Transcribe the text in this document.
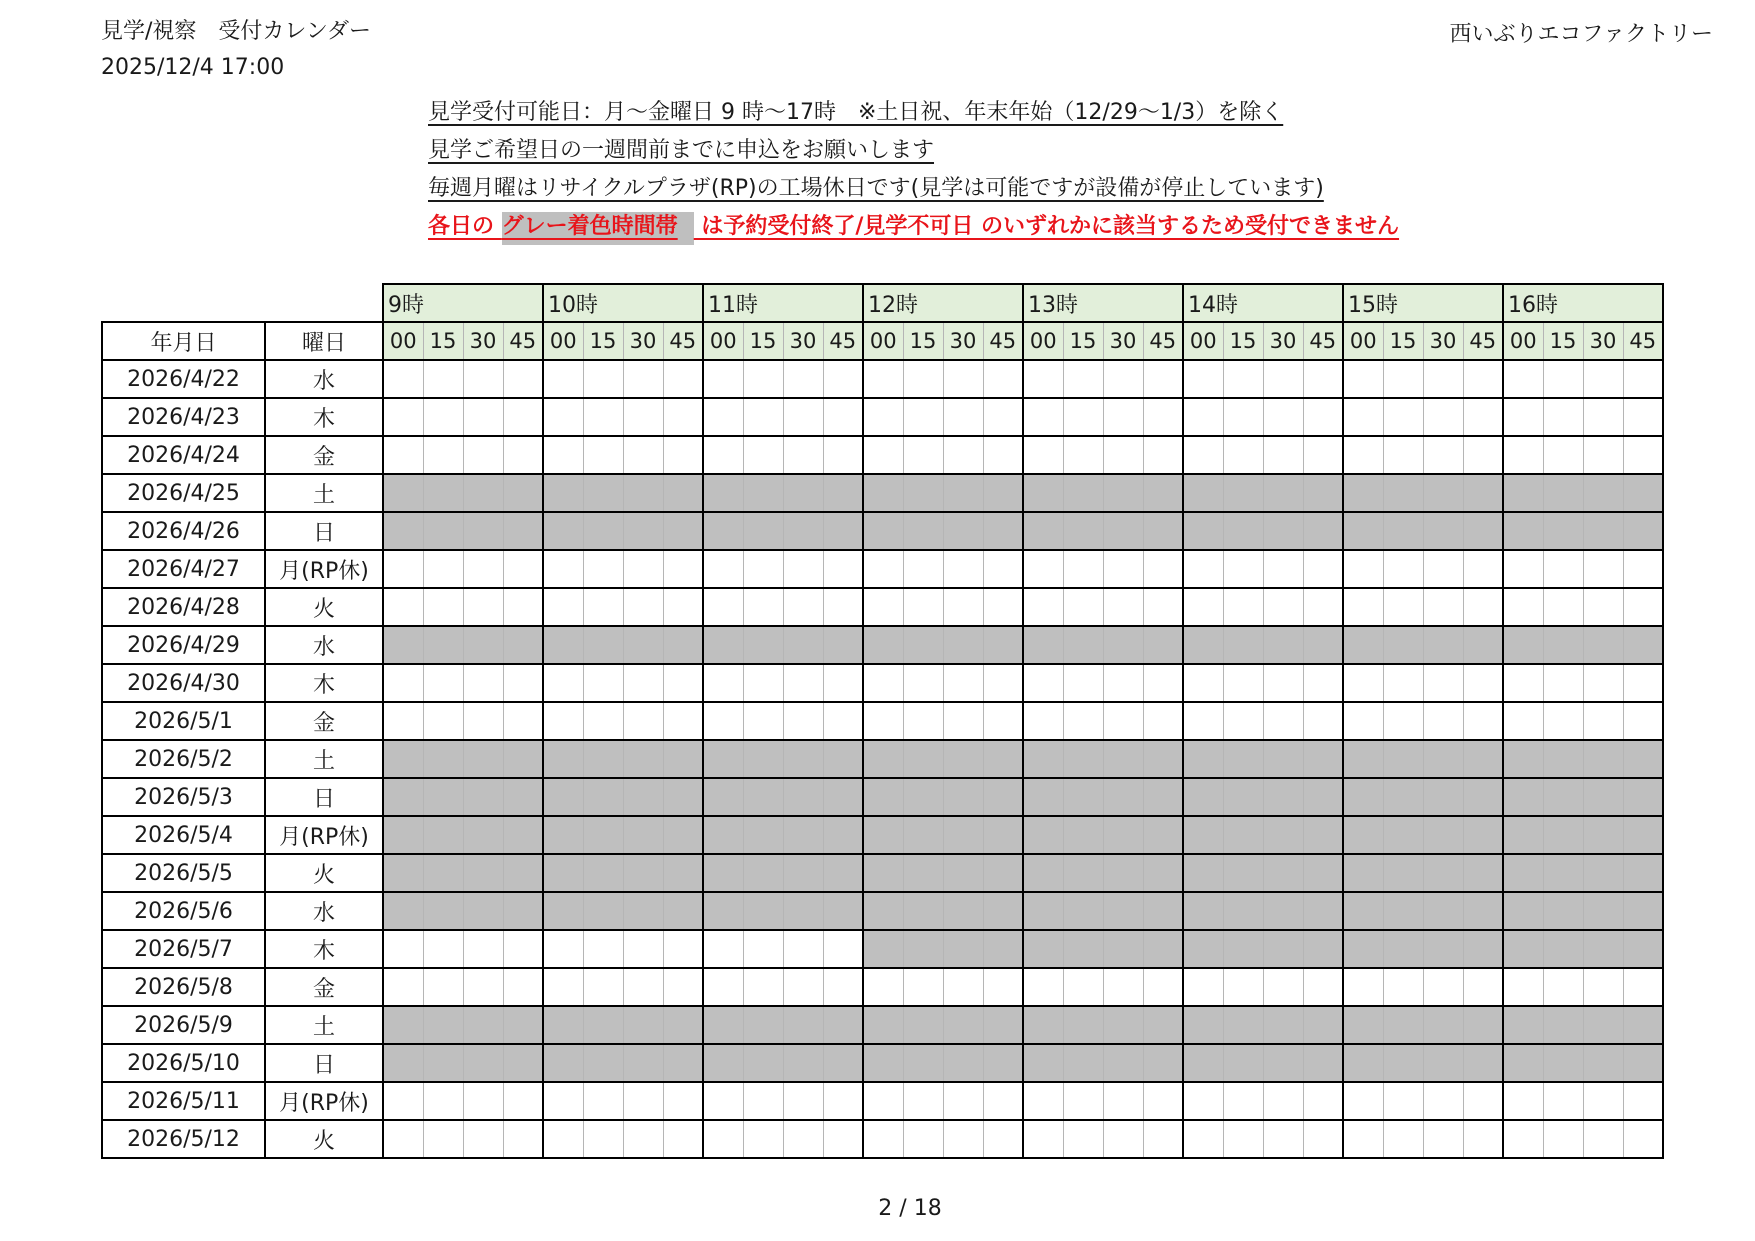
見学/視察　受付カレンダー
2025/12/4 17:00
西いぶりエコファクトリー
見学受付可能日：月～金曜日 9 時～17時　※土日祝、年末年始（12/29～1/3）を除く
見学ご希望日の一週間前までに申込をお願いします
毎週月曜はリサイクルプラザ(RP)の工場休日です(見学は可能ですが設備が停止しています)
各日の グレー着色時間帯 は予約受付終了/見学不可日 のいずれかに該当するため受付できません
		9時				10時				11時				12時				13時				14時				15時				16時			
年月日	曜日	00	15	30	45	00	15	30	45	00	15	30	45	00	15	30	45	00	15	30	45	00	15	30	45	00	15	30	45	00	15	30	45
2026/4/22	水																																
2026/4/23	木																																
2026/4/24	金																																
2026/4/25	土																																
2026/4/26	日																																
2026/4/27	月(RP休)																																
2026/4/28	火																																
2026/4/29	水																																
2026/4/30	木																																
2026/5/1	金																																
2026/5/2	土																																
2026/5/3	日																																
2026/5/4	月(RP休)																																
2026/5/5	火																																
2026/5/6	水																																
2026/5/7	木																																
2026/5/8	金																																
2026/5/9	土																																
2026/5/10	日																																
2026/5/11	月(RP休)																																
2026/5/12	火																																
2 / 18
